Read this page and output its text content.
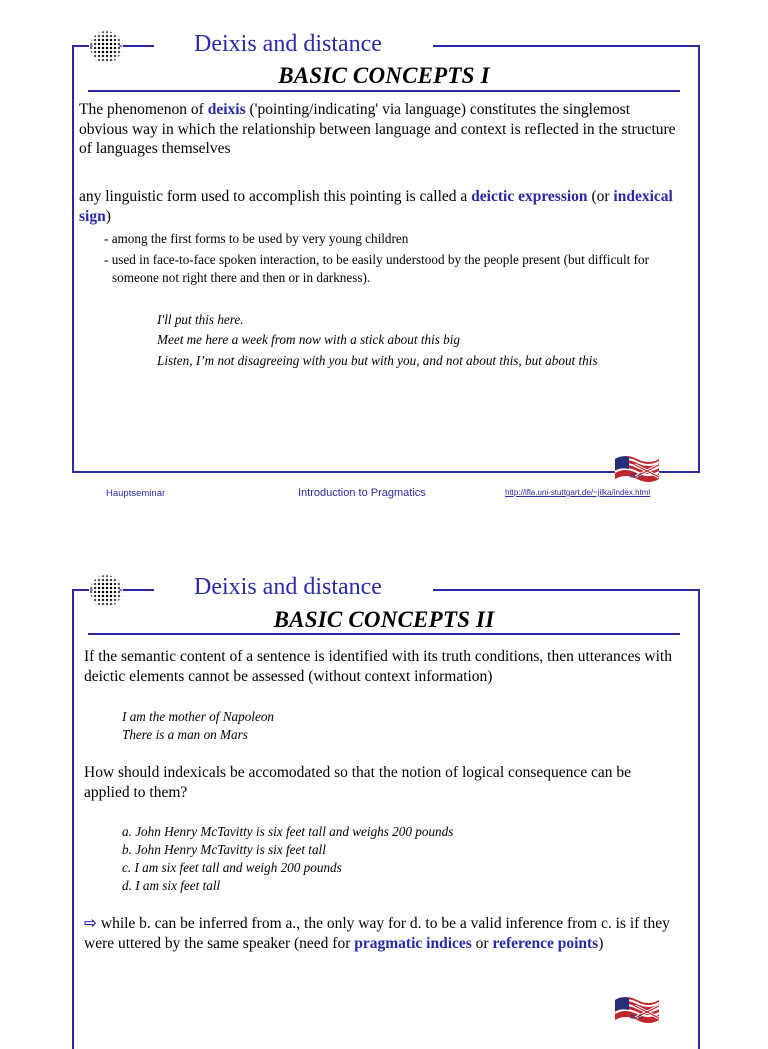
Deixis and distance
BASIC CONCEPTS I
The phenomenon of deixis ('pointing/indicating' via language) constitutes the singlemost obvious way in which the relationship between language and context is reflected in the structure of languages themselves
any linguistic form used to accomplish this pointing is called a deictic expression (or indexical sign)
- among the first forms to be used by very young children
- used in face-to-face spoken interaction, to be easily understood by the people present (but difficult for someone not right there and then or in darkness).
I'll put this here.
Meet me here a week from now with a stick about this big
Listen, I’m not disagreeing with you but with you, and not about this, but about this
IfLA
Hauptseminar	Introduction to Pragmatics	http://ifla.uni-stuttgart.de/~jilka/index.html
Deixis and distance
BASIC CONCEPTS II
If the semantic content of a sentence is identified with its truth conditions, then utterances with deictic elements cannot be assessed (without context information)
I am the mother of Napoleon
There is a man on Mars
How should indexicals be accomodated so that the notion of logical consequence can be applied to them?
a. John Henry McTavitty is six feet tall and weighs 200 pounds
b. John Henry McTavitty is six feet tall
c. I am six feet tall and weigh 200 pounds
d. I am six feet tall
⇨ while b. can be inferred from a., the only way for d. to be a valid inference from c. is if they were uttered by the same speaker (need for pragmatic indices or reference points)
IfLA
